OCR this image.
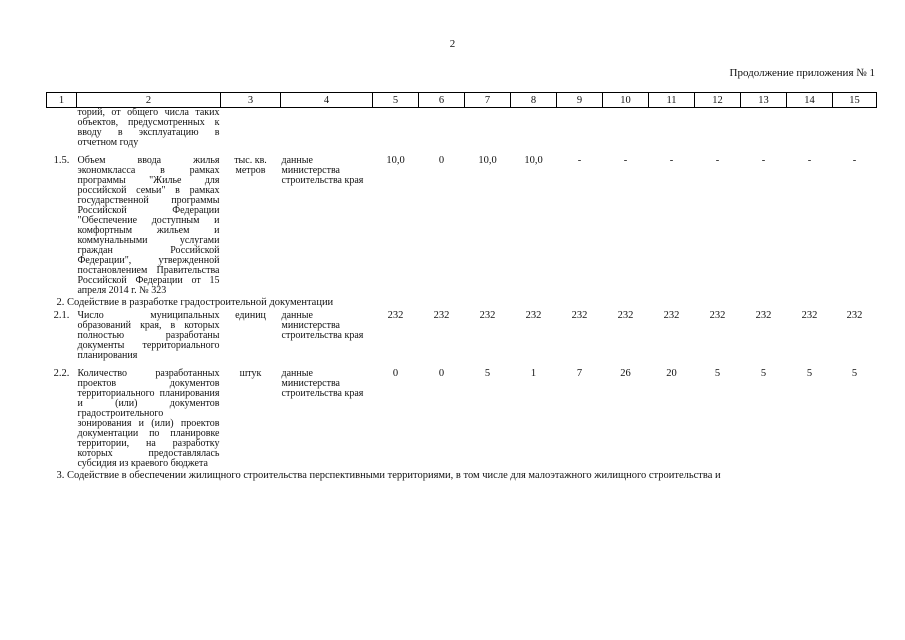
2
Продолжение приложения № 1
1	2	3	4	5	6	7	8	9	10	11	12	13	14	15
	торий, от общего числа таких объектов, предусмотренных к вводу в эксплуатацию в отчетном году													

1.5.	Объем ввода жилья экономкласса в рамках программы "Жилье для российской семьи" в рамках государственной программы Российской Федерации "Обеспечение доступным и комфортным жильем и коммунальными услугами граждан Российской Федерации", утвержденной постановлением Правительства Российской Федерации от 15 апреля 2014 г. № 323	тыс. кв. метров	данные министерства строительства края	10,0	0	10,0	10,0	-	-	-	-	-	-	-
2. Содействие в разработке градостроительной документации														
2.1.	Число муниципальных образований края, в которых полностью разработаны документы территориального планирования	единиц	данные министерства строительства края	232	232	232	232	232	232	232	232	232	232	232

2.2.	Количество разработанных проектов документов территориального планирования и (или) документов градостроительного зонирования и (или) проектов документации по планировке территории, на разработку которых предоставлялась субсидия из краевого бюджета	штук	данные министерства строительства края	0	0	5	1	7	26	20	5	5	5	5
3. Содействие в обеспечении жилищного строительства перспективными территориями, в том числе для малоэтажного жилищного строительства и														
